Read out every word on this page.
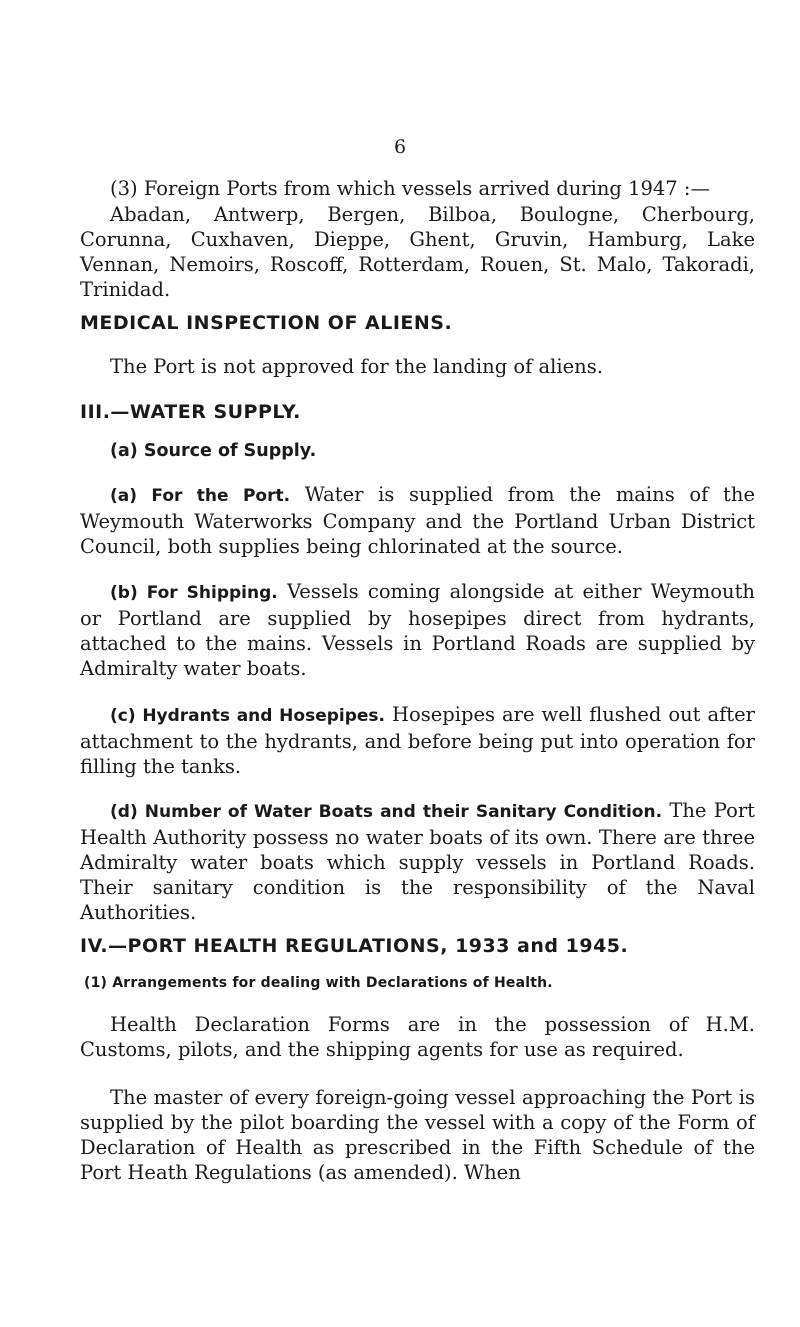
6

(3) Foreign Ports from which vessels arrived during 1947 :—

Abadan, Antwerp, Bergen, Bilboa, Boulogne, Cherbourg, Corunna, Cuxhaven, Dieppe, Ghent, Gruvin, Hamburg, Lake Vennan, Nemoirs, Roscoff, Rotterdam, Rouen, St. Malo, Takoradi, Trinidad.

MEDICAL INSPECTION OF ALIENS.

The Port is not approved for the landing of aliens.

III.—WATER SUPPLY.
(a) Source of Supply.

(a) For the Port. Water is supplied from the mains of the Weymouth Waterworks Company and the Portland Urban District Council, both supplies being chlorinated at the source.

(b) For Shipping. Vessels coming alongside at either Weymouth or Portland are supplied by hosepipes direct from hydrants, attached to the mains. Vessels in Portland Roads are supplied by Admiralty water boats.

(c) Hydrants and Hosepipes. Hosepipes are well flushed out after attachment to the hydrants, and before being put into operation for filling the tanks.

(d) Number of Water Boats and their Sanitary Condition. The Port Health Authority possess no water boats of its own. There are three Admiralty water boats which supply vessels in Portland Roads. Their sanitary condition is the responsibility of the Naval Authorities.

IV.—PORT HEALTH REGULATIONS, 1933 and 1945.
(1) Arrangements for dealing with Declarations of Health.

Health Declaration Forms are in the possession of H.M. Customs, pilots, and the shipping agents for use as required.

The master of every foreign-going vessel approaching the Port is supplied by the pilot boarding the vessel with a copy of the Form of Declaration of Health as prescribed in the Fifth Schedule of the Port Heath Regulations (as amended). When
